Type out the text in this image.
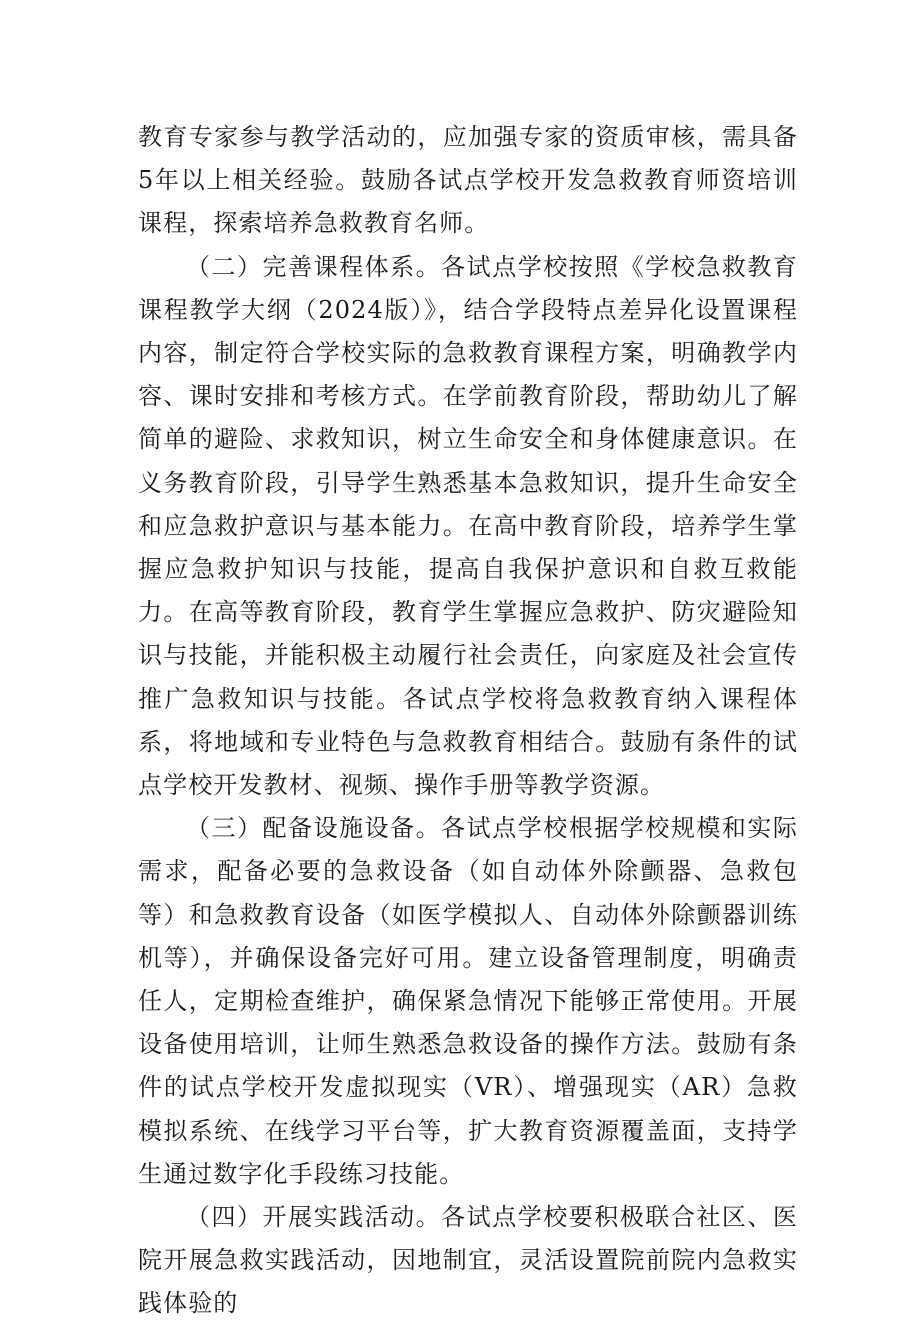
教育专家参与教学活动的，应加强专家的资质审核，需具备5年以上相关经验。鼓励各试点学校开发急救教育师资培训课程，探索培养急救教育名师。

（二）完善课程体系。各试点学校按照《学校急救教育课程教学大纲（2024版）》，结合学段特点差异化设置课程内容，制定符合学校实际的急救教育课程方案，明确教学内容、课时安排和考核方式。在学前教育阶段，帮助幼儿了解简单的避险、求救知识，树立生命安全和身体健康意识。在义务教育阶段，引导学生熟悉基本急救知识，提升生命安全和应急救护意识与基本能力。在高中教育阶段，培养学生掌握应急救护知识与技能，提高自我保护意识和自救互救能力。在高等教育阶段，教育学生掌握应急救护、防灾避险知识与技能，并能积极主动履行社会责任，向家庭及社会宣传推广急救知识与技能。各试点学校将急救教育纳入课程体系，将地域和专业特色与急救教育相结合。鼓励有条件的试点学校开发教材、视频、操作手册等教学资源。

（三）配备设施设备。各试点学校根据学校规模和实际需求，配备必要的急救设备（如自动体外除颤器、急救包等）和急救教育设备（如医学模拟人、自动体外除颤器训练机等），并确保设备完好可用。建立设备管理制度，明确责任人，定期检查维护，确保紧急情况下能够正常使用。开展设备使用培训，让师生熟悉急救设备的操作方法。鼓励有条件的试点学校开发虚拟现实（VR）、增强现实（AR）急救模拟系统、在线学习平台等，扩大教育资源覆盖面，支持学生通过数字化手段练习技能。

（四）开展实践活动。各试点学校要积极联合社区、医院开展急救实践活动，因地制宜，灵活设置院前院内急救实践体验的
